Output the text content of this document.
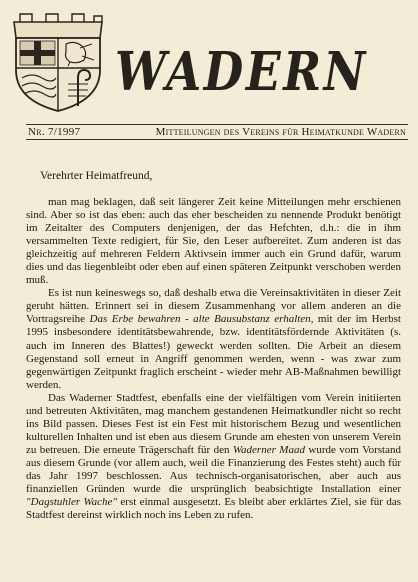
WADERN
Nr. 7/1997	Mitteilungen des Vereins für Heimatkunde Wadern
Verehrter Heimatfreund,

man mag beklagen, daß seit längerer Zeit keine Mitteilungen mehr erschienen sind. Aber so ist das eben: auch das eher bescheiden zu nennende Produkt benötigt im Zeitalter des Computers denjenigen, der das Hefchten, d.h.: die in ihm versammelten Texte redigiert, für Sie, den Leser aufbereitet. Zum anderen ist das gleichzeitig auf mehreren Feldern Aktivsein immer auch ein Grund dafür, warum dies und das liegenbleibt oder eben auf einen späteren Zeitpunkt verschoben werden muß.

Es ist nun keineswegs so, daß deshalb etwa die Vereinsaktivitäten in dieser Zeit geruht hätten. Erinnert sei in diesem Zusammenhang vor allem anderen an die Vortragsreihe Das Erbe bewahren - alte Bausubstanz erhalten, mit der im Herbst 1995 insbesondere identitätsbewahrende, bzw. identitätsfördernde Aktivitäten (s. auch im Inneren des Blattes!) geweckt werden sollten. Die Arbeit an diesem Gegenstand soll erneut in Angriff genommen werden, wenn - was zwar zum gegenwärtigen Zeitpunkt fraglich erscheint - wieder mehr AB-Maßnahmen bewilligt werden.

Das Waderner Stadtfest, ebenfalls eine der vielfältigen vom Verein initiierten und betreuten Aktivitäten, mag manchem gestandenen Heimatkundler nicht so recht ins Bild passen. Dieses Fest ist ein Fest mit historischem Bezug und wesentlichen kulturellen Inhalten und ist eben aus diesem Grunde am ehesten von unserem Verein zu betreuen. Die erneute Trägerschaft für den Waderner Maad wurde vom Vorstand aus diesem Grunde (vor allem auch, weil die Finanzierung des Festes steht) auch für das Jahr 1997 beschlossen. Aus technisch-organisatorischen, aber auch aus finanziellen Gründen wurde die ursprünglich beabsichtigte Installation einer "Dagstuhler Wache" erst einmal ausgesetzt. Es bleibt aber erklärtes Ziel, sie für das Stadtfest dereinst wirklich noch ins Leben zu rufen.
